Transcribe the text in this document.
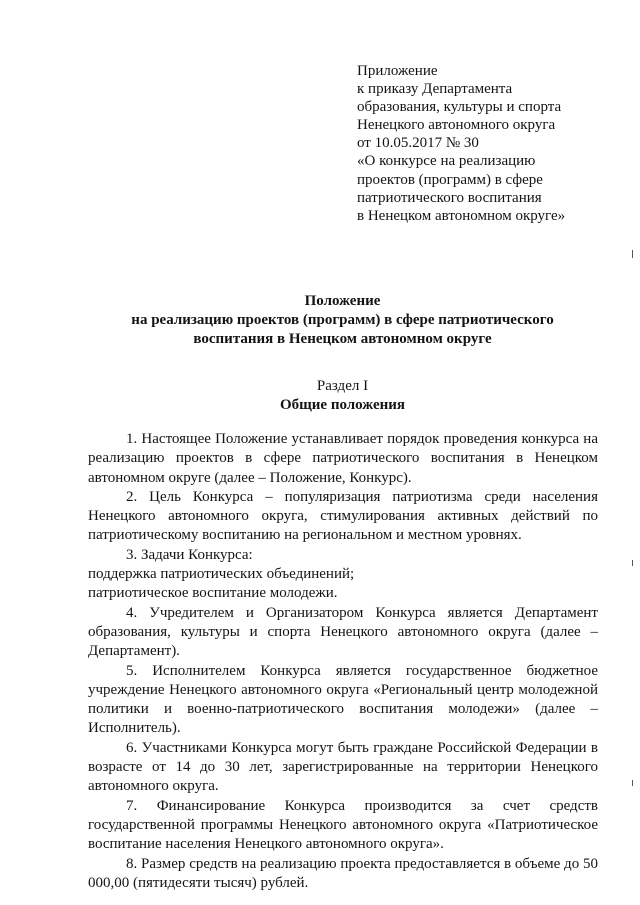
Приложение
к приказу Департамента
образования, культуры и спорта
Ненецкого автономного округа
от 10.05.2017 № 30
«О конкурсе на реализацию
проектов (программ) в сфере
патриотического воспитания
в Ненецком автономном округе»
Положение
на реализацию проектов (программ) в сфере патриотического
воспитания в Ненецком автономном округе
Раздел I
Общие положения
1. Настоящее Положение устанавливает порядок проведения конкурса на реализацию проектов в сфере патриотического воспитания в Ненецком автономном округе (далее – Положение, Конкурс).
2. Цель Конкурса – популяризация патриотизма среди населения Ненецкого автономного округа, стимулирования активных действий по патриотическому воспитанию на региональном и местном уровнях.
3. Задачи Конкурса:
поддержка патриотических объединений;
патриотическое воспитание молодежи.
4. Учредителем и Организатором Конкурса является Департамент образования, культуры и спорта Ненецкого автономного округа (далее – Департамент).
5. Исполнителем Конкурса является государственное бюджетное учреждение Ненецкого автономного округа «Региональный центр молодежной политики и военно-патриотического воспитания молодежи» (далее – Исполнитель).
6. Участниками Конкурса могут быть граждане Российской Федерации в возрасте от 14 до 30 лет, зарегистрированные на территории Ненецкого автономного округа.
7. Финансирование Конкурса производится за счет средств государственной программы Ненецкого автономного округа «Патриотическое воспитание населения Ненецкого автономного округа».
8. Размер средств на реализацию проекта предоставляется в объеме до 50 000,00 (пятидесяти тысяч) рублей.
